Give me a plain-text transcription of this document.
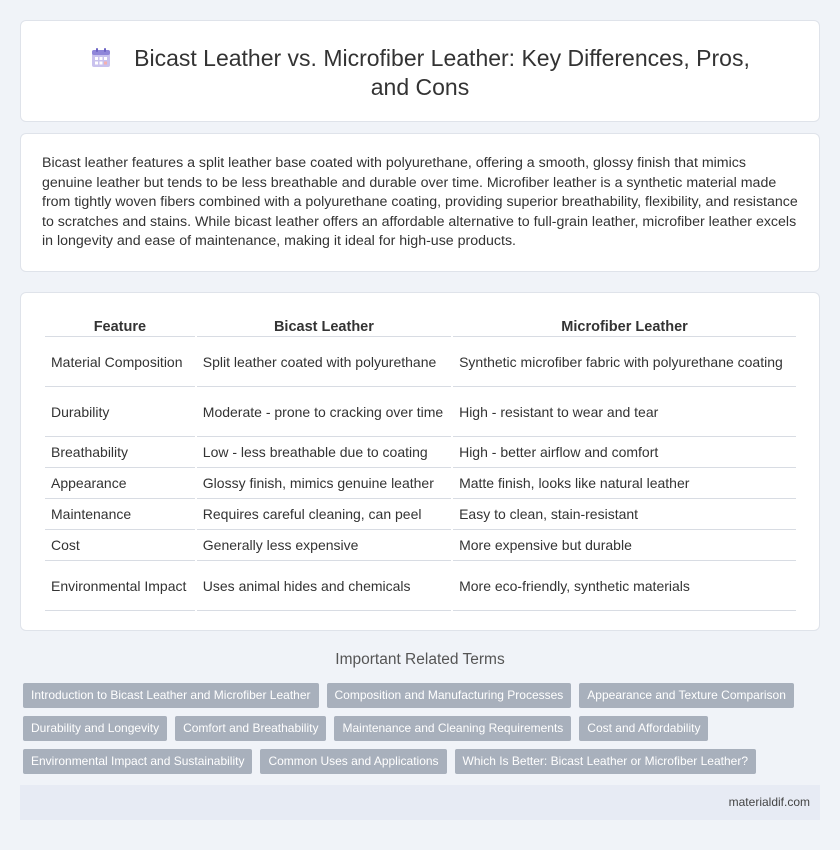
Bicast Leather vs. Microfiber Leather: Key Differences, Pros, and Cons

Bicast leather features a split leather base coated with polyurethane, offering a smooth, glossy finish that mimics genuine leather but tends to be less breathable and durable over time. Microfiber leather is a synthetic material made from tightly woven fibers combined with a polyurethane coating, providing superior breathability, flexibility, and resistance to scratches and stains. While bicast leather offers an affordable alternative to full-grain leather, microfiber leather excels in longevity and ease of maintenance, making it ideal for high-use products.

Feature	Bicast Leather	Microfiber Leather
Material Composition	Split leather coated with polyurethane	Synthetic microfiber fabric with polyurethane coating
Durability	Moderate - prone to cracking over time	High - resistant to wear and tear
Breathability	Low - less breathable due to coating	High - better airflow and comfort
Appearance	Glossy finish, mimics genuine leather	Matte finish, looks like natural leather
Maintenance	Requires careful cleaning, can peel	Easy to clean, stain-resistant
Cost	Generally less expensive	More expensive but durable
Environmental Impact	Uses animal hides and chemicals	More eco-friendly, synthetic materials
Important Related Terms
Introduction to Bicast Leather and Microfiber Leather	Composition and Manufacturing Processes	Appearance and Texture Comparison
Durability and Longevity	Comfort and Breathability	Maintenance and Cleaning Requirements	Cost and Affordability
Environmental Impact and Sustainability	Common Uses and Applications	Which Is Better: Bicast Leather or Microfiber Leather?
materialdif.com
